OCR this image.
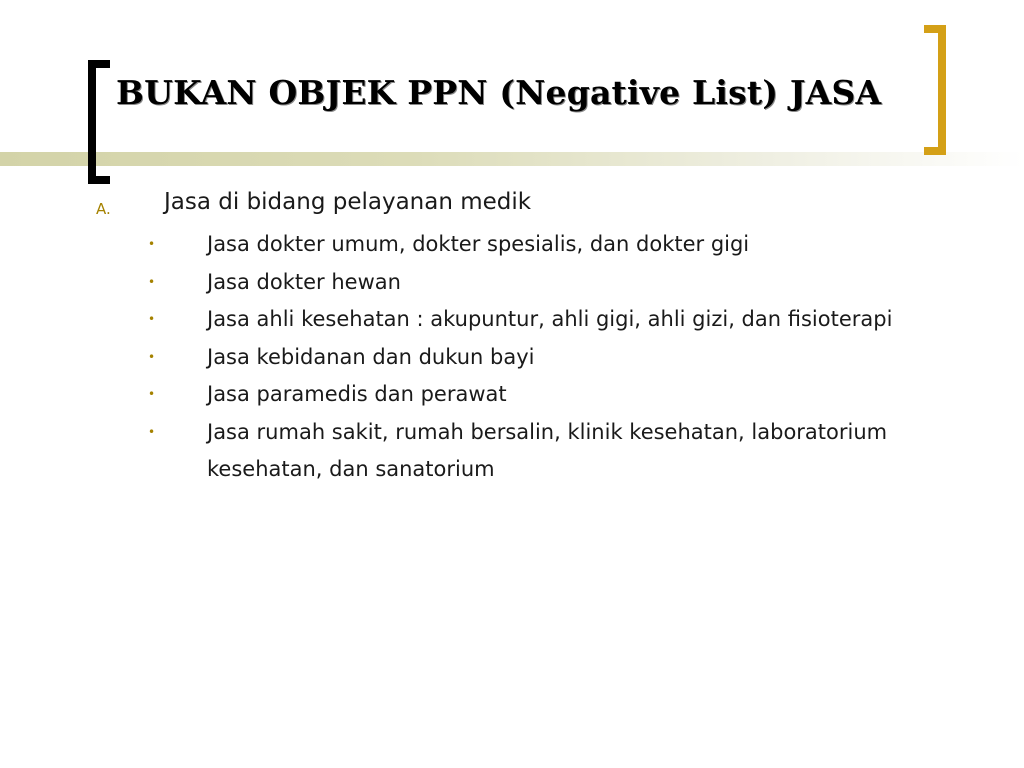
BUKAN OBJEK PPN (Negative List) JASA
A. Jasa di bidang pelayanan medik
• Jasa dokter umum, dokter spesialis, dan dokter gigi
• Jasa dokter hewan
• Jasa ahli kesehatan : akupuntur, ahli gigi, ahli gizi, dan fisioterapi
• Jasa kebidanan dan dukun bayi
• Jasa paramedis dan perawat
• Jasa rumah sakit, rumah bersalin, klinik kesehatan, laboratorium kesehatan, dan sanatorium
